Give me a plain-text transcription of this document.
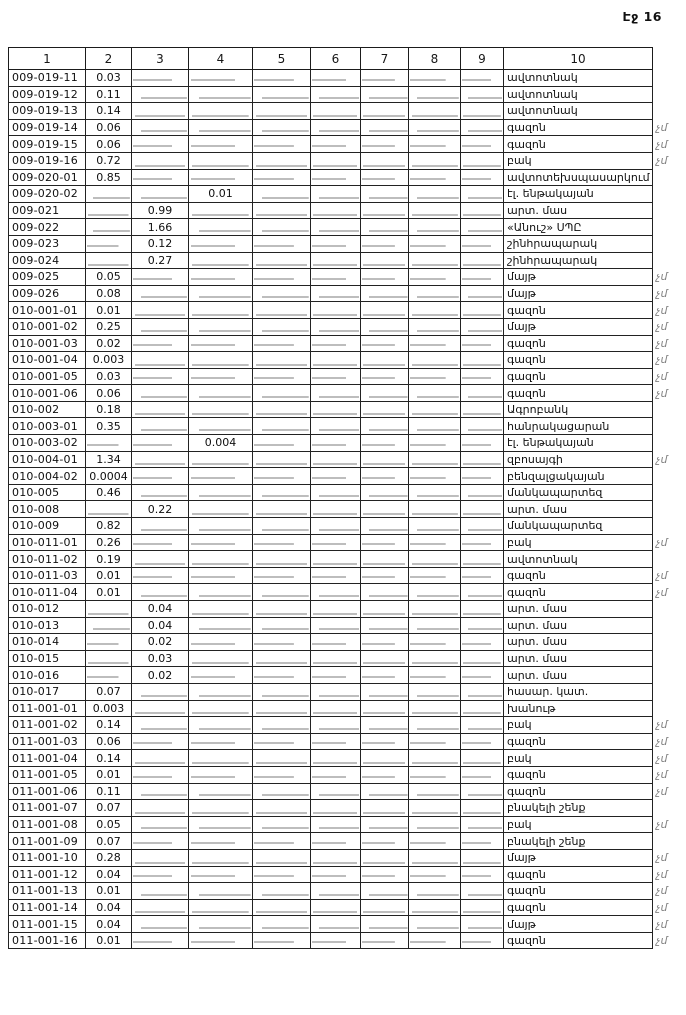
Էջ 16
1	2	3	4	5	6	7	8	9	10	
009-019-11	0.03								ավտոտնակ	
009-019-12	0.11								ավտոտնակ	
009-019-13	0.14								ավտոտնակ	
009-019-14	0.06								գազոն	չմ
009-019-15	0.06								գազոն	չմ
009-019-16	0.72								բակ	չմ
009-020-01	0.85								ավտոտեխսպասարկում	
009-020-02			0.01						էլ. ենթակայան	
009-021		0.99							արտ. մաս	
009-022		1.66							«Անուշ» ՍՊԸ	
009-023		0.12							շինհրապարակ	
009-024		0.27							շինհրապարակ	
009-025	0.05								մայթ	չմ
009-026	0.08								մայթ	չմ
010-001-01	0.01								գազոն	չմ
010-001-02	0.25								մայթ	չմ
010-001-03	0.02								գազոն	չմ
010-001-04	0.003								գազոն	չմ
010-001-05	0.03								գազոն	չմ
010-001-06	0.06								գազոն	չմ
010-002	0.18								Ագրոբանկ	
010-003-01	0.35								հանրակացարան	
010-003-02			0.004						էլ. ենթակայան	
010-004-01	1.34								զբոսայգի	չմ
010-004-02	0.0004								բենզալցակայան	
010-005	0.46								մանկապարտեզ	
010-008		0.22							արտ. մաս	
010-009	0.82								մանկապարտեզ	
010-011-01	0.26								բակ	չմ
010-011-02	0.19								ավտոտնակ	
010-011-03	0.01								գազոն	չմ
010-011-04	0.01								գազոն	չմ
010-012		0.04							արտ. մաս	
010-013		0.04							արտ. մաս	
010-014		0.02							արտ. մաս	
010-015		0.03							արտ. մաս	
010-016		0.02							արտ. մաս	
010-017	0.07								հասար. կատ.	
011-001-01	0.003								խանութ	
011-001-02	0.14								բակ	չմ
011-001-03	0.06								գազոն	չմ
011-001-04	0.14								բակ	չմ
011-001-05	0.01								գազոն	չմ
011-001-06	0.11								գազոն	չմ
011-001-07	0.07								բնակելի շենք	
011-001-08	0.05								բակ	չմ
011-001-09	0.07								բնակելի շենք	
011-001-10	0.28								մայթ	չմ
011-001-12	0.04								գազոն	չմ
011-001-13	0.01								գազոն	չմ
011-001-14	0.04								գազոն	չմ
011-001-15	0.04								մայթ	չմ
011-001-16	0.01								գազոն	չմ
